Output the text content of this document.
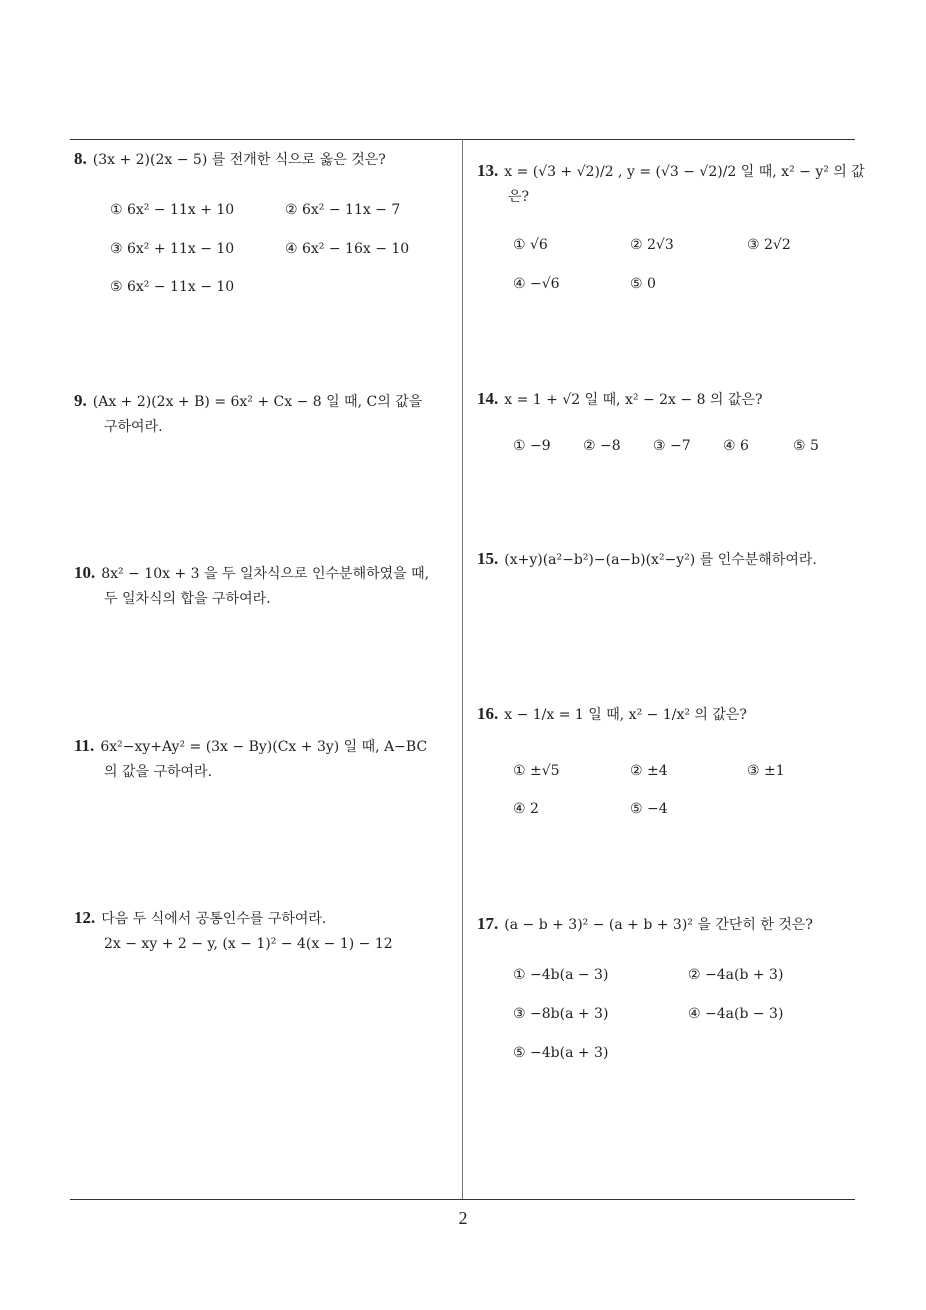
8. (3x + 2)(2x − 5) 를 전개한 식으로 옳은 것은?
① 6x² − 11x + 10	② 6x² − 11x − 7
③ 6x² + 11x − 10	④ 6x² − 16x − 10
⑤ 6x² − 11x − 10
9. (Ax + 2)(2x + B) = 6x² + Cx − 8 일 때, C의 값을
구하여라.
10. 8x² − 10x + 3 을 두 일차식으로 인수분해하였을 때,
두 일차식의 합을 구하여라.
11. 6x²−xy+Ay² = (3x − By)(Cx + 3y) 일 때, A−BC
의 값을 구하여라.
12. 다음 두 식에서 공통인수를 구하여라.
2x − xy + 2 − y, (x − 1)² − 4(x − 1) − 12
13. x = (√3 + √2)/2 , y = (√3 − √2)/2 일 때, x² − y² 의 값
은?
① √6	② 2√3	③ 2√2
④ −√6	⑤ 0
14. x = 1 + √2 일 때, x² − 2x − 8 의 값은?
① −9 ② −8 ③ −7 ④ 6	⑤ 5
15. (x+y)(a²−b²)−(a−b)(x²−y²) 를 인수분해하여라.
16. x − 1/x = 1 일 때, x² − 1/x² 의 값은?
① ±√5	② ±4	③ ±1
④ 2	⑤ −4
17. (a − b + 3)² − (a + b + 3)² 을 간단히 한 것은?
① −4b(a − 3)	② −4a(b + 3)
③ −8b(a + 3)	④ −4a(b − 3)
⑤ −4b(a + 3)
2
